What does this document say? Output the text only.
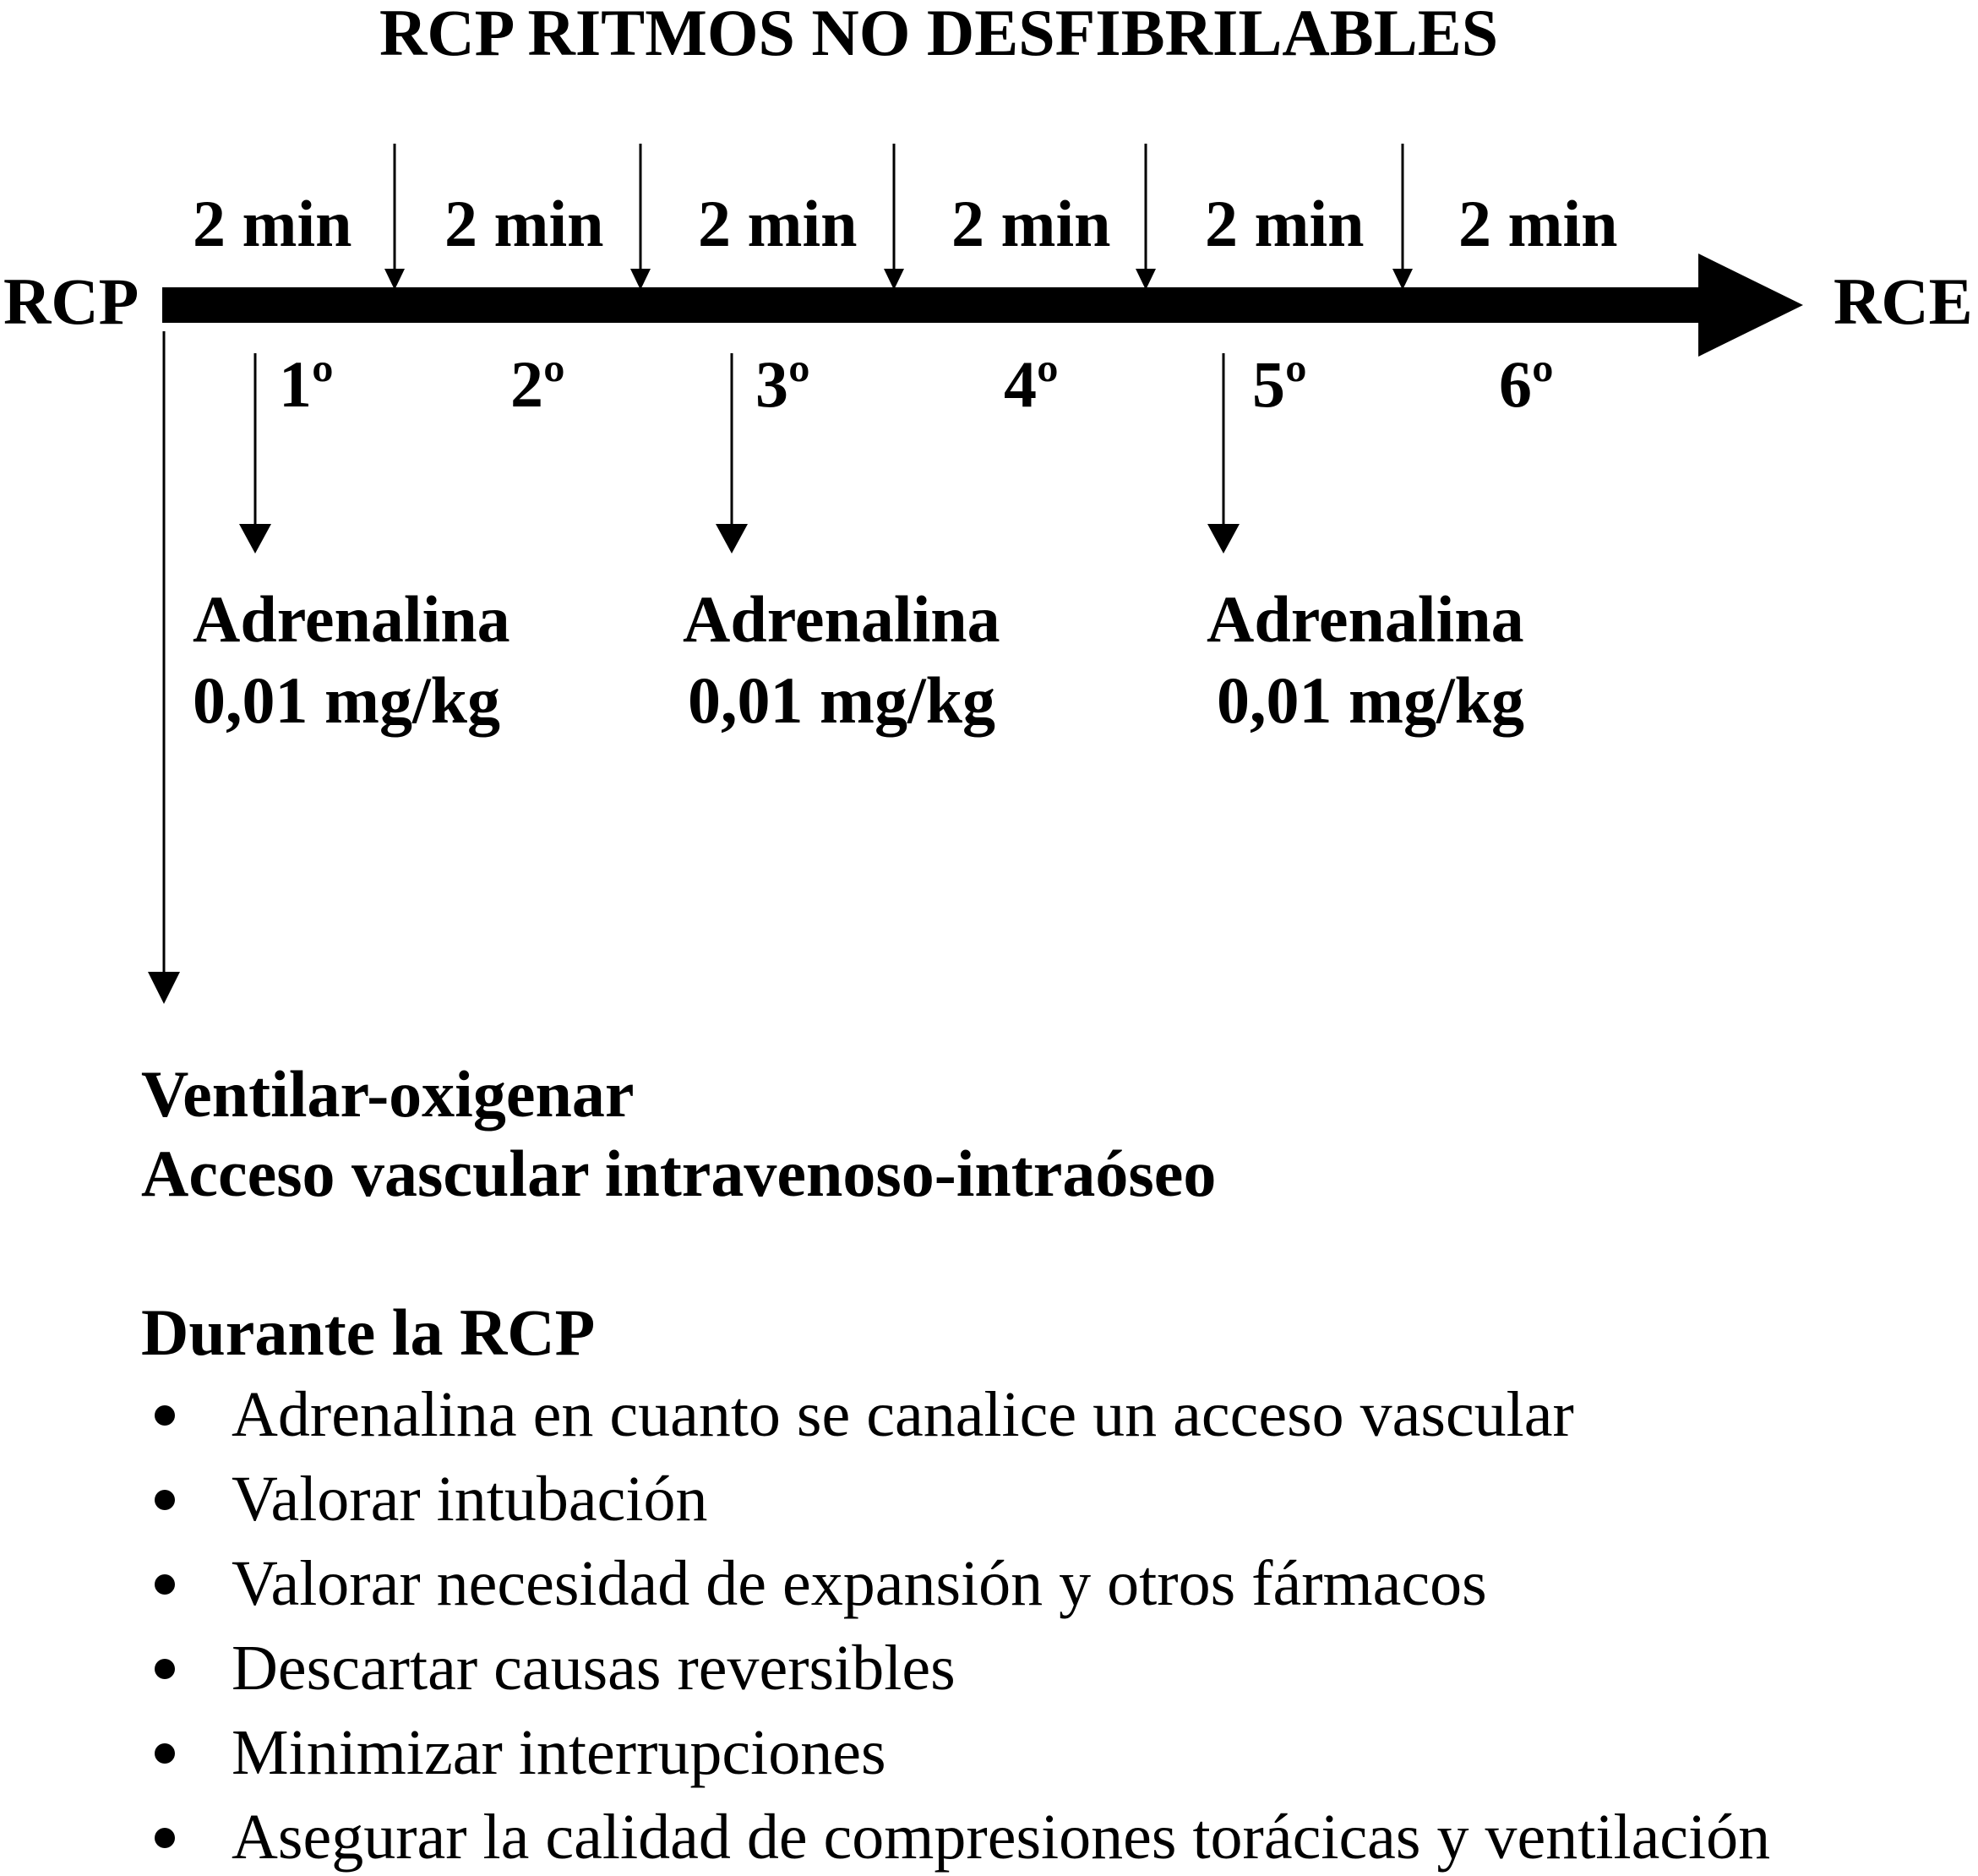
RCP RITMOS NO DESFIBRILABLES
RCP	RCE
2 min 2 min 2 min 2 min 2 min 2 min
1º	2º	3º	4º	5º	6º
Adrenalina
0,01 mg/kg
Adrenalina
0,01 mg/kg
Adrenalina
0,01 mg/kg
Ventilar-oxigenar
Acceso vascular intravenoso-intraóseo
Durante la RCP
Adrenalina en cuanto se canalice un acceso vascular
Valorar intubación
Valorar necesidad de expansión y otros fármacos
Descartar causas reversibles
Minimizar interrupciones
Asegurar la calidad de compresiones torácicas y ventilación
